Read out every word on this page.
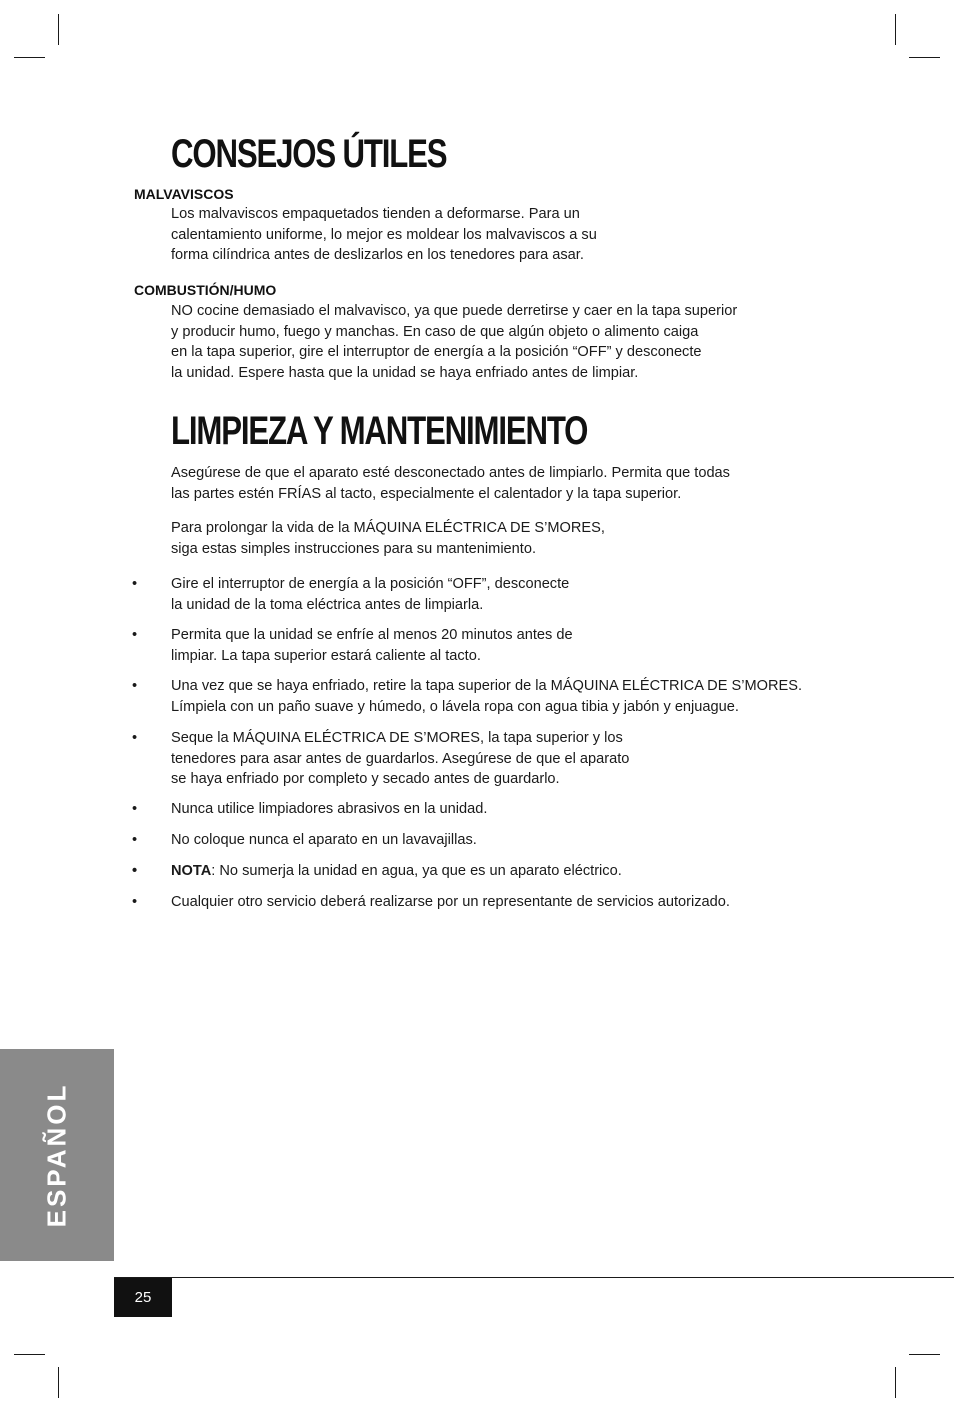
CONSEJOS ÚTILES

MALVAVISCOS

Los malvaviscos empaquetados tienden a deformarse. Para un
calentamiento uniforme, lo mejor es moldear los malvaviscos a su
forma cilíndrica antes de deslizarlos en los tenedores para asar.

COMBUSTIÓN/HUMO

NO cocine demasiado el malvavisco, ya que puede derretirse y caer en la tapa superior
y producir humo, fuego y manchas. En caso de que algún objeto o alimento caiga
en la tapa superior, gire el interruptor de energía a la posición “OFF” y desconecte
la unidad. Espere hasta que la unidad se haya enfriado antes de limpiar.

LIMPIEZA Y MANTENIMIENTO

Asegúrese de que el aparato esté desconectado antes de limpiarlo. Permita que todas
las partes estén FRÍAS al tacto, especialmente el calentador y la tapa superior.

Para prolongar la vida de la MÁQUINA ELÉCTRICA DE S’MORES,
siga estas simples instrucciones para su mantenimiento.

• Gire el interruptor de energía a la posición “OFF”, desconecte
la unidad de la toma eléctrica antes de limpiarla.
• Permita que la unidad se enfríe al menos 20 minutos antes de
limpiar. La tapa superior estará caliente al tacto.
• Una vez que se haya enfriado, retire la tapa superior de la MÁQUINA ELÉCTRICA DE S’MORES.
Límpiela con un paño suave y húmedo, o lávela ropa con agua tibia y jabón y enjuague.
• Seque la MÁQUINA ELÉCTRICA DE S’MORES, la tapa superior y los
tenedores para asar antes de guardarlos. Asegúrese de que el aparato
se haya enfriado por completo y secado antes de guardarlo.
• Nunca utilice limpiadores abrasivos en la unidad.
• No coloque nunca el aparato en un lavavajillas.
• NOTA: No sumerja la unidad en agua, ya que es un aparato eléctrico.
• Cualquier otro servicio deberá realizarse por un representante de servicios autorizado.
ESPAÑOL
25
